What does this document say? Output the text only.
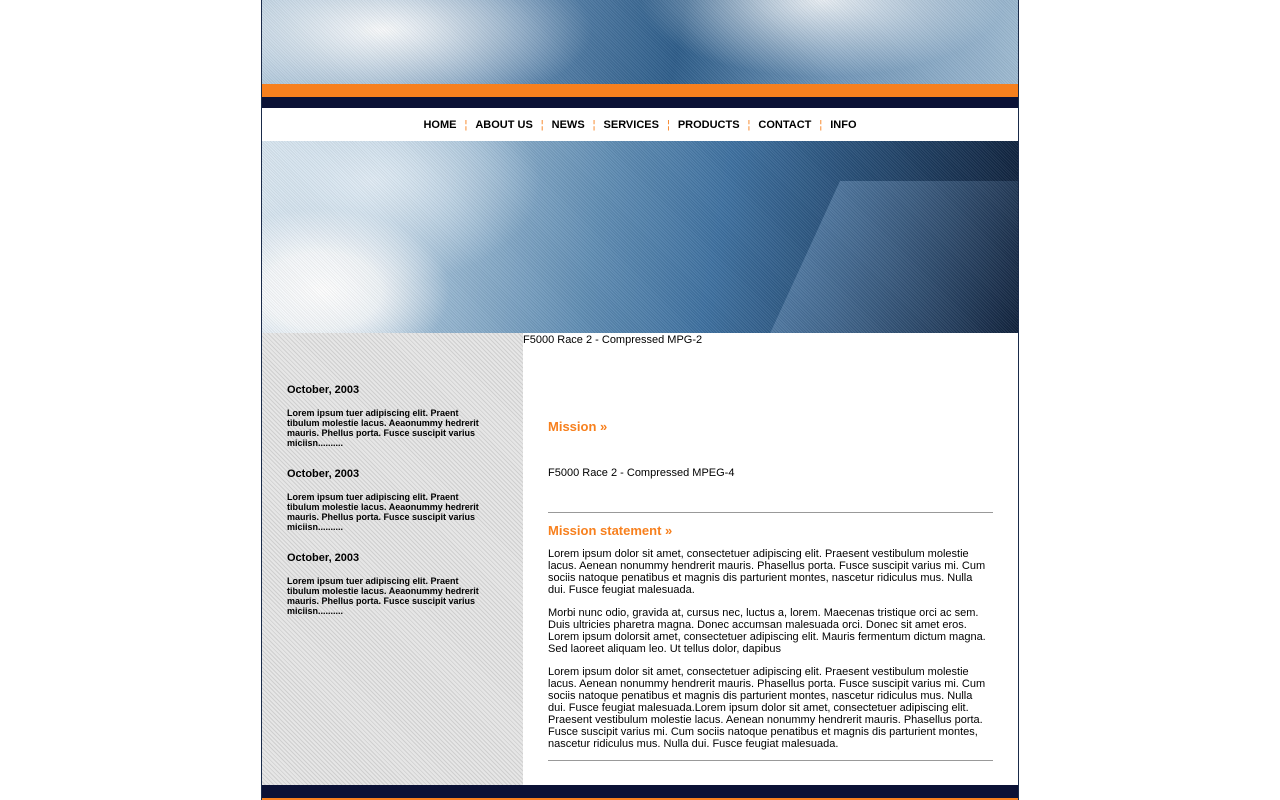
HOME ¦ ABOUT US ¦ NEWS ¦ SERVICES ¦ PRODUCTS ¦ CONTACT ¦ INFO
October, 2003
Lorem ipsum tuer adipiscing elit. Praent tibulum molestie lacus. Aeaonummy hedrerit mauris. Phellus porta. Fusce suscipit varius miciisn..........
October, 2003
Lorem ipsum tuer adipiscing elit. Praent tibulum molestie lacus. Aeaonummy hedrerit mauris. Phellus porta. Fusce suscipit varius miciisn..........
October, 2003
Lorem ipsum tuer adipiscing elit. Praent tibulum molestie lacus. Aeaonummy hedrerit mauris. Phellus porta. Fusce suscipit varius miciisn..........
F5000 Race 2 - Compressed MPG-2
Mission »
F5000 Race 2 - Compressed MPEG-4
Mission statement »
Lorem ipsum dolor sit amet, consectetuer adipiscing elit. Praesent vestibulum molestie lacus. Aenean nonummy hendrerit mauris. Phasellus porta. Fusce suscipit varius mi. Cum sociis natoque penatibus et magnis dis parturient montes, nascetur ridiculus mus. Nulla dui. Fusce feugiat malesuada.
Morbi nunc odio, gravida at, cursus nec, luctus a, lorem. Maecenas tristique orci ac sem. Duis ultricies pharetra magna. Donec accumsan malesuada orci. Donec sit amet eros. Lorem ipsum dolorsit amet, consectetuer adipiscing elit. Mauris fermentum dictum magna. Sed laoreet aliquam leo. Ut tellus dolor, dapibus
Lorem ipsum dolor sit amet, consectetuer adipiscing elit. Praesent vestibulum molestie lacus. Aenean nonummy hendrerit mauris. Phasellus porta. Fusce suscipit varius mi. Cum sociis natoque penatibus et magnis dis parturient montes, nascetur ridiculus mus. Nulla dui. Fusce feugiat malesuada.Lorem ipsum dolor sit amet, consectetuer adipiscing elit. Praesent vestibulum molestie lacus. Aenean nonummy hendrerit mauris. Phasellus porta. Fusce suscipit varius mi. Cum sociis natoque penatibus et magnis dis parturient montes, nascetur ridiculus mus. Nulla dui. Fusce feugiat malesuada.
